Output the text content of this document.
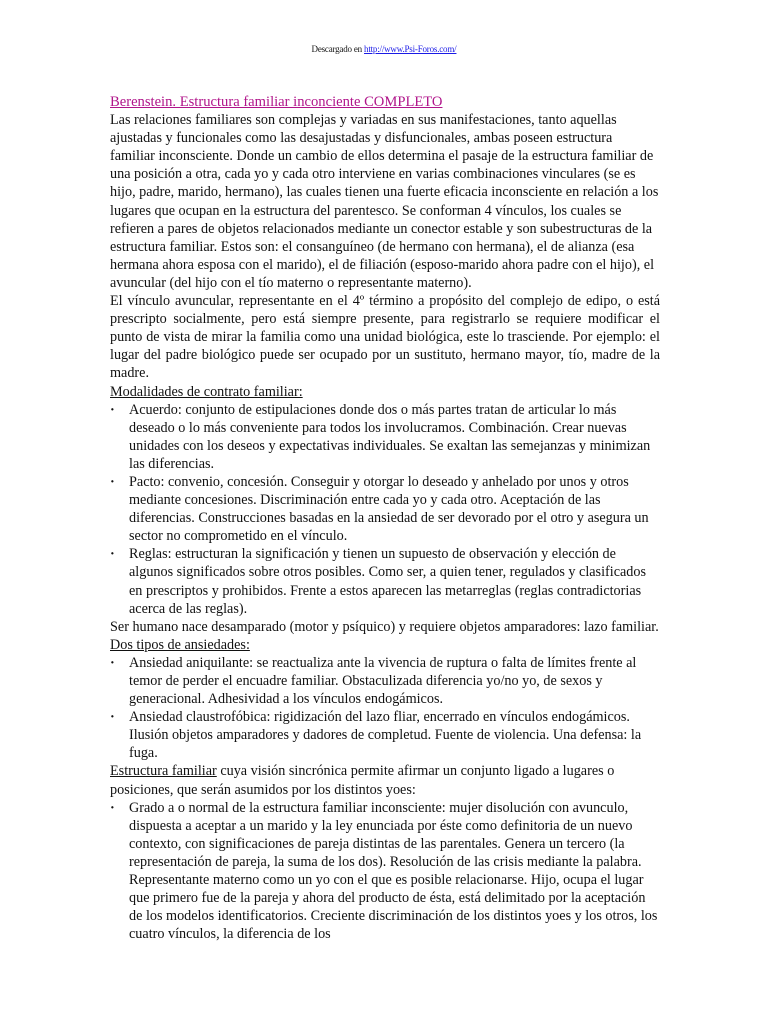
Descargado en http://www.Psi-Foros.com/

Berenstein. Estructura familiar inconciente COMPLETO

Las relaciones familiares son complejas y variadas en sus manifestaciones, tanto aquellas ajustadas y funcionales como las desajustadas y disfuncionales, ambas poseen estructura familiar inconsciente. Donde un cambio de ellos determina el pasaje de la estructura familiar de una posición a otra, cada yo y cada otro interviene en varias combinaciones vinculares (se es hijo, padre, marido, hermano), las cuales tienen una fuerte eficacia inconsciente en relación a los lugares que ocupan en la estructura del parentesco. Se conforman 4 vínculos, los cuales se refieren a pares de objetos relacionados mediante un conector estable y son subestructuras de la estructura familiar. Estos son: el consanguíneo (de hermano con hermana), el de alianza (esa hermana ahora esposa con el marido), el de filiación (esposo-marido ahora padre con el hijo), el avuncular (del hijo con el tío materno o representante materno).

El vínculo avuncular, representante en el 4º término a propósito del complejo de edipo, o está prescripto socialmente, pero está siempre presente, para registrarlo se requiere modificar el punto de vista de mirar la familia como una unidad biológica, este lo trasciende. Por ejemplo: el lugar del padre biológico puede ser ocupado por un sustituto, hermano mayor, tío, madre de la madre.

Modalidades de contrato familiar:

· Acuerdo: conjunto de estipulaciones donde dos o más partes tratan de articular lo más deseado o lo más conveniente para todos los involucramos. Combinación. Crear nuevas unidades con los deseos y expectativas individuales. Se exaltan las semejanzas y minimizan las diferencias.
· Pacto: convenio, concesión. Conseguir y otorgar lo deseado y anhelado por unos y otros mediante concesiones. Discriminación entre cada yo y cada otro. Aceptación de las diferencias. Construcciones basadas en la ansiedad de ser devorado por el otro y asegura un sector no comprometido en el vínculo.
· Reglas: estructuran la significación y tienen un supuesto de observación y elección de algunos significados sobre otros posibles. Como ser, a quien tener, regulados y clasificados en prescriptos y prohibidos. Frente a estos aparecen las metarreglas (reglas contradictorias acerca de las reglas).

Ser humano nace desamparado (motor y psíquico) y requiere objetos amparadores: lazo familiar.

Dos tipos de ansiedades:

· Ansiedad aniquilante: se reactualiza ante la vivencia de ruptura o falta de límites frente al temor de perder el encuadre familiar. Obstaculizada diferencia yo/no yo, de sexos y generacional. Adhesividad a los vínculos endogámicos.
· Ansiedad claustrofóbica: rigidización del lazo fliar, encerrado en vínculos endogámicos. Ilusión objetos amparadores y dadores de completud. Fuente de violencia. Una defensa: la fuga.

Estructura familiar cuya visión sincrónica permite afirmar un conjunto ligado a lugares o posiciones, que serán asumidos por los distintos yoes:

· Grado a o normal de la estructura familiar inconsciente: mujer disolución con avunculo, dispuesta a aceptar a un marido y la ley enunciada por éste como definitoria de un nuevo contexto, con significaciones de pareja distintas de las parentales. Genera un tercero (la representación de pareja, la suma de los dos). Resolución de las crisis mediante la palabra. Representante materno como un yo con el que es posible relacionarse. Hijo, ocupa el lugar que primero fue de la pareja y ahora del producto de ésta, está delimitado por la aceptación de los modelos identificatorios. Creciente discriminación de los distintos yoes y los otros, los cuatro vínculos, la diferencia de los
